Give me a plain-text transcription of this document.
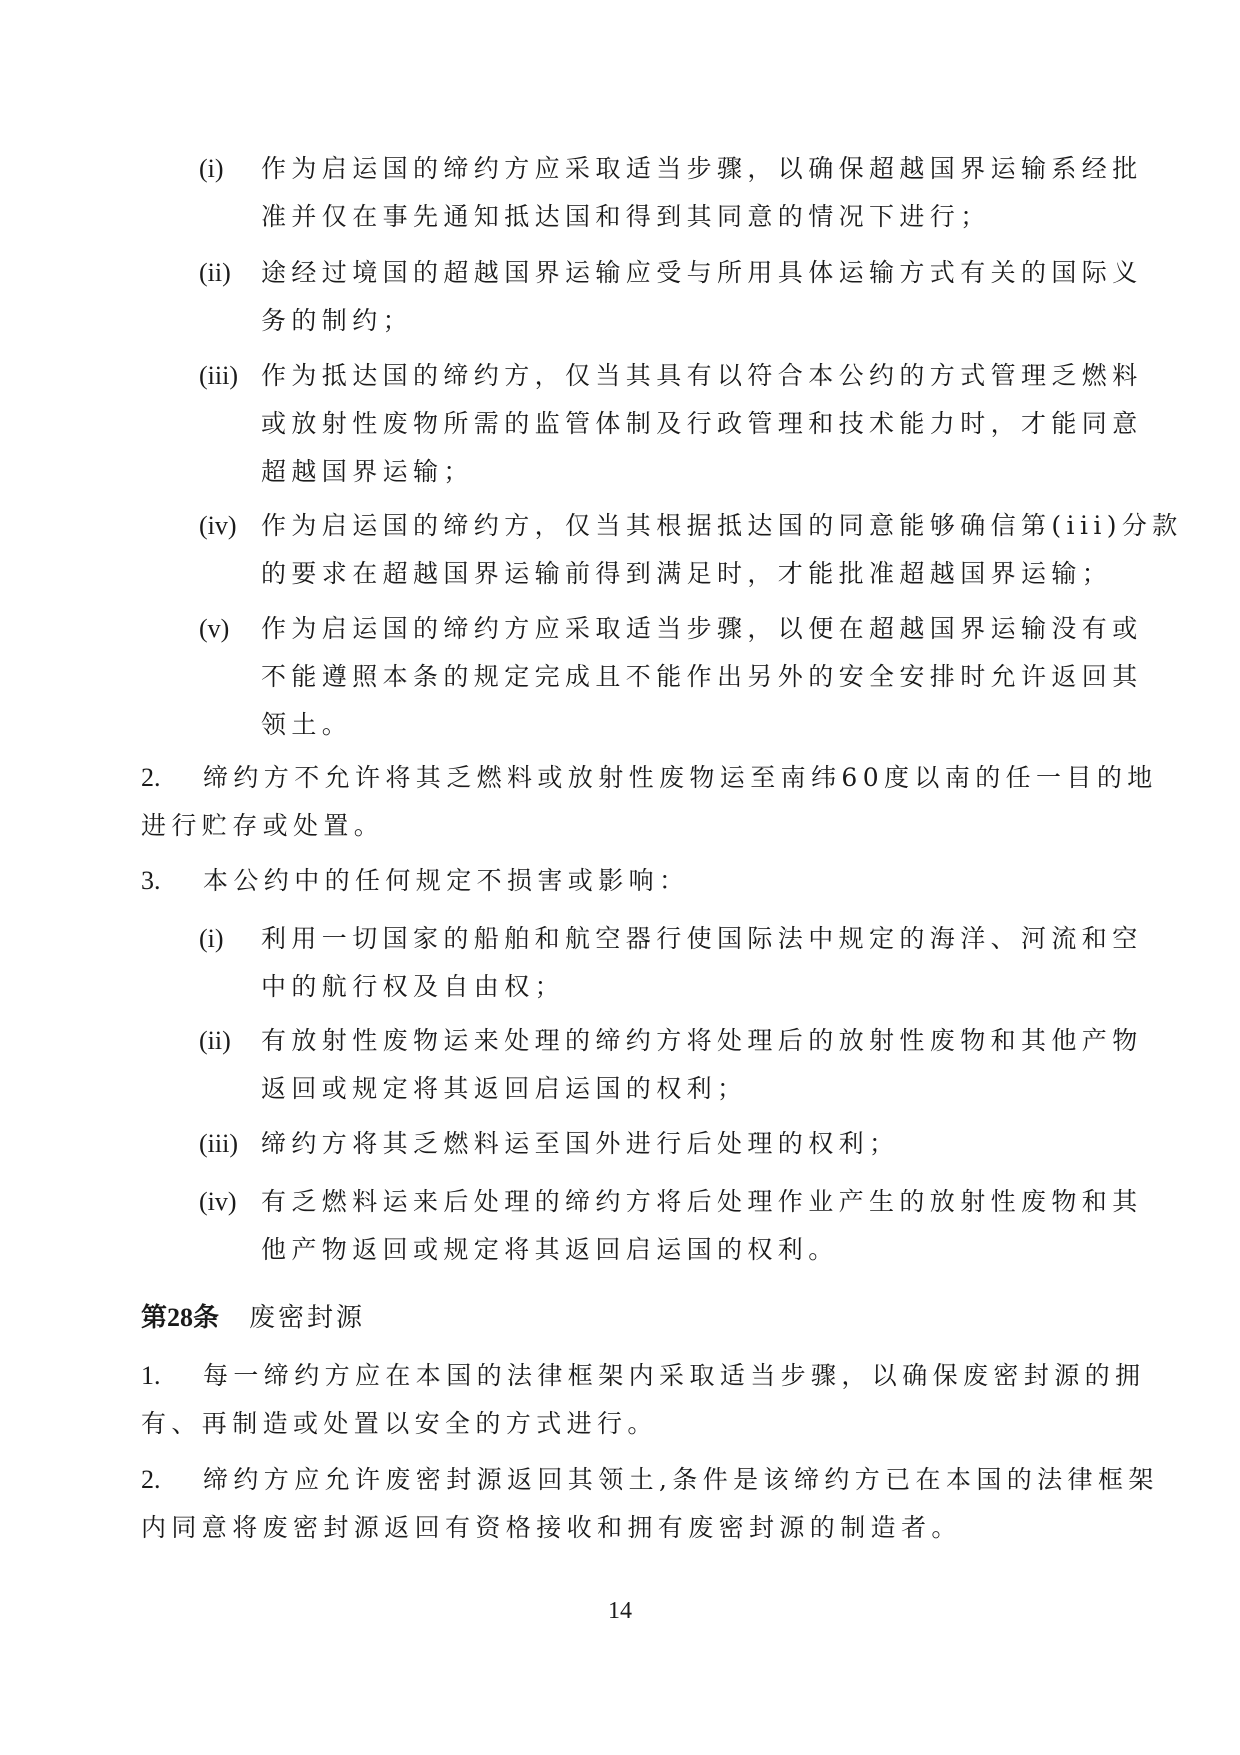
(i) 作为启运国的缔约方应采取适当步骤，以确保超越国界运输系经批
准并仅在事先通知抵达国和得到其同意的情况下进行；
(ii) 途经过境国的超越国界运输应受与所用具体运输方式有关的国际义
务的制约；
(iii) 作为抵达国的缔约方，仅当其具有以符合本公约的方式管理乏燃料
或放射性废物所需的监管体制及行政管理和技术能力时，才能同意
超越国界运输；
(iv) 作为启运国的缔约方，仅当其根据抵达国的同意能够确信第(iii)分款
的要求在超越国界运输前得到满足时，才能批准超越国界运输；
(v) 作为启运国的缔约方应采取适当步骤，以便在超越国界运输没有或
不能遵照本条的规定完成且不能作出另外的安全安排时允许返回其
领土。
2. 缔约方不允许将其乏燃料或放射性废物运至南纬60度以南的任一目的地
进行贮存或处置。
3. 本公约中的任何规定不损害或影响：
(i) 利用一切国家的船舶和航空器行使国际法中规定的海洋、河流和空
中的航行权及自由权；
(ii) 有放射性废物运来处理的缔约方将处理后的放射性废物和其他产物
返回或规定将其返回启运国的权利；
(iii) 缔约方将其乏燃料运至国外进行后处理的权利；
(iv) 有乏燃料运来后处理的缔约方将后处理作业产生的放射性废物和其
他产物返回或规定将其返回启运国的权利。
第28条 废密封源
1. 每一缔约方应在本国的法律框架内采取适当步骤，以确保废密封源的拥
有、再制造或处置以安全的方式进行。
2. 缔约方应允许废密封源返回其领土,条件是该缔约方已在本国的法律框架
内同意将废密封源返回有资格接收和拥有废密封源的制造者。
14
